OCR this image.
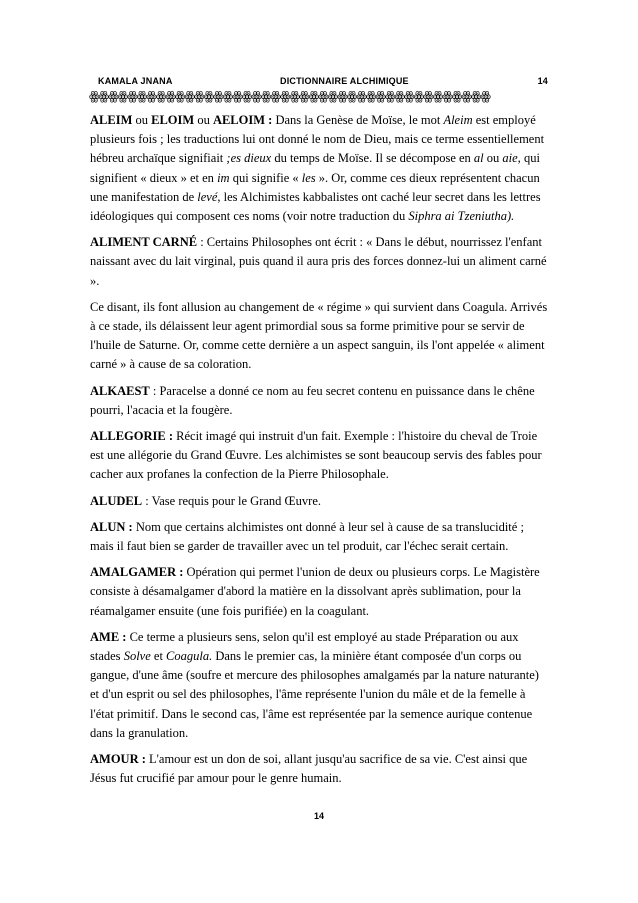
KAMALA JNANA	DICTIONNAIRE ALCHIMIQUE	14
ꙮꙮꙮꙮꙮꙮꙮꙮꙮꙮꙮꙮꙮꙮꙮꙮꙮꙮꙮꙮꙮꙮꙮꙮꙮꙮꙮꙮꙮꙮꙮꙮꙮꙮꙮꙮꙮꙮꙮꙮꙮꙮ

ALEIM ou ELOIM ou AELOIM : Dans la Genèse de Moïse, le mot Aleim est employé plusieurs fois ; les traductions lui ont donné le nom de Dieu, mais ce terme essentiellement hébreu archaïque signifiait ;es dieux du temps de Moïse. Il se décompose en al ou aie, qui signifient « dieux » et en im qui signifie « les ». Or, comme ces dieux représentent chacun une manifestation de levé, les Alchimistes kabbalistes ont caché leur secret dans les lettres idéologiques qui composent ces noms (voir notre traduction du Siphra ai Tzeniutha).

ALIMENT CARNÉ : Certains Philosophes ont écrit : « Dans le début, nourrissez l'enfant naissant avec du lait virginal, puis quand il aura pris des forces donnez-lui un aliment carné ».

Ce disant, ils font allusion au changement de « régime » qui survient dans Coagula. Arrivés à ce stade, ils délaissent leur agent primordial sous sa forme primitive pour se servir de l'huile de Saturne. Or, comme cette dernière a un aspect sanguin, ils l'ont appelée « aliment carné » à cause de sa coloration.

ALKAEST : Paracelse a donné ce nom au feu secret contenu en puissance dans le chêne pourri, l'acacia et la fougère.

ALLEGORIE : Récit imagé qui instruit d'un fait. Exemple : l'histoire du cheval de Troie est une allégorie du Grand Œuvre. Les alchimistes se sont beaucoup servis des fables pour cacher aux profanes la confection de la Pierre Philosophale.

ALUDEL : Vase requis pour le Grand Œuvre.

ALUN : Nom que certains alchimistes ont donné à leur sel à cause de sa translucidité ; mais il faut bien se garder de travailler avec un tel produit, car l'échec serait certain.

AMALGAMER : Opération qui permet l'union de deux ou plusieurs corps. Le Magistère consiste à désamalgamer d'abord la matière en la dissolvant après sublimation, pour la réamalgamer ensuite (une fois purifiée) en la coagulant.

AME : Ce terme a plusieurs sens, selon qu'il est employé au stade Préparation ou aux stades Solve et Coagula. Dans le premier cas, la minière étant composée d'un corps ou gangue, d'une âme (soufre et mercure des philosophes amalgamés par la nature naturante) et d'un esprit ou sel des philosophes, l'âme représente l'union du mâle et de la femelle à l'état primitif. Dans le second cas, l'âme est représentée par la semence aurique contenue dans la granulation.

AMOUR : L'amour est un don de soi, allant jusqu'au sacrifice de sa vie. C'est ainsi que Jésus fut crucifié par amour pour le genre humain.

14
